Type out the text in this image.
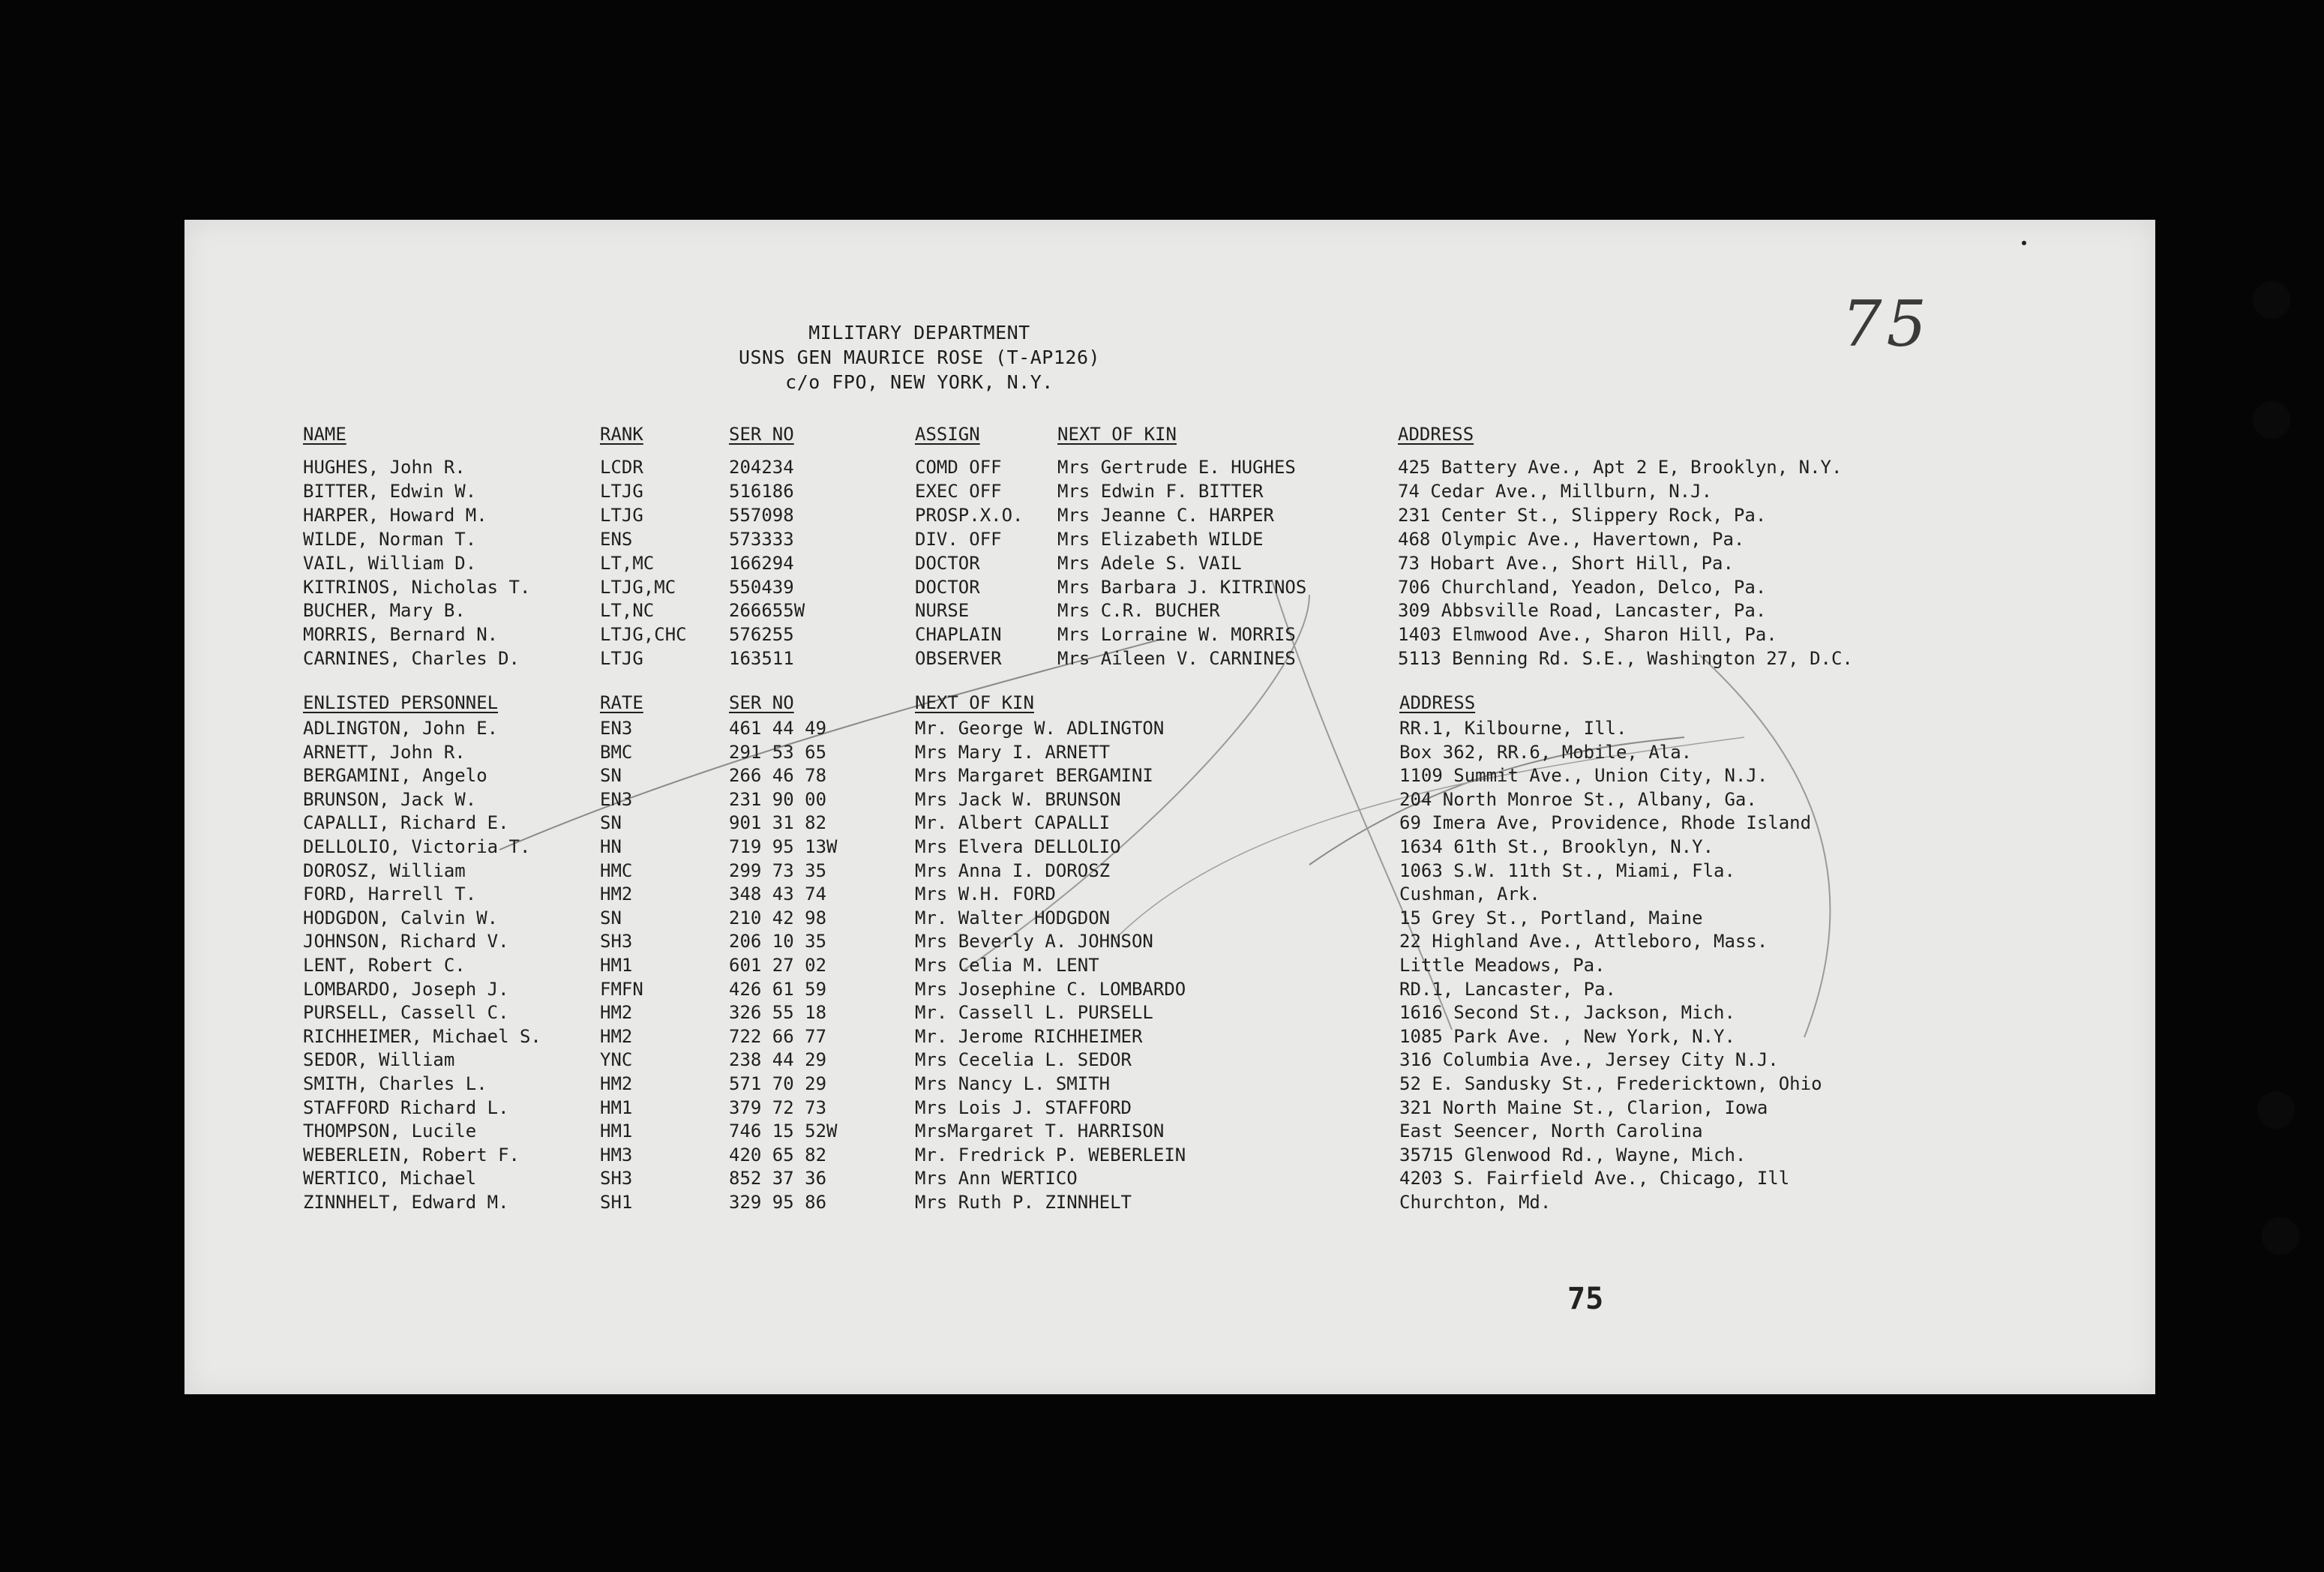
75
MILITARY DEPARTMENT
USNS GEN MAURICE ROSE (T-AP126)
c/o FPO, NEW YORK, N.Y.
NAME	RANK	SER NO	ASSIGN	NEXT OF KIN	ADDRESS
HUGHES, John R.	LCDR	204234	COMD OFF	Mrs Gertrude E. HUGHES	425 Battery Ave., Apt 2 E, Brooklyn, N.Y.
BITTER, Edwin W.	LTJG	516186	EXEC OFF	Mrs Edwin F. BITTER	74 Cedar Ave., Millburn, N.J.
HARPER, Howard M.	LTJG	557098	PROSP.X.O. Mrs Jeanne C. HARPER	231 Center St., Slippery Rock, Pa.
WILDE, Norman T.	ENS	573333	DIV. OFF	Mrs Elizabeth WILDE	468 Olympic Ave., Havertown, Pa.
VAIL, William D.	LT,MC	166294	DOCTOR	Mrs Adele S. VAIL	73 Hobart Ave., Short Hill, Pa.
KITRINOS, Nicholas T.	LTJG,MC	550439	DOCTOR	Mrs Barbara J. KITRINOS	706 Churchland, Yeadon, Delco, Pa.
BUCHER, Mary B.	LT,NC	266655W	NURSE	Mrs C.R. BUCHER	309 Abbsville Road, Lancaster, Pa.
MORRIS, Bernard N.	LTJG,CHC 576255	CHAPLAIN	Mrs Lorraine W. MORRIS	1403 Elmwood Ave., Sharon Hill, Pa.
CARNINES, Charles D.	LTJG	163511	OBSERVER	Mrs Aileen V. CARNINES	5113 Benning Rd. S.E., Washington 27, D.C.
ENLISTED PERSONNEL	RATE	SER NO	NEXT OF KIN	ADDRESS
ADLINGTON, John E.	EN3	461 44 49	Mr. George W. ADLINGTON	RR.1, Kilbourne, Ill.
ARNETT, John R.	BMC	291 53 65	Mrs Mary I. ARNETT	Box 362, RR.6, Mobile, Ala.
BERGAMINI, Angelo	SN	266 46 78	Mrs Margaret BERGAMINI	1109 Summit Ave., Union City, N.J.
BRUNSON, Jack W.	EN3	231 90 00	Mrs Jack W. BRUNSON	204 North Monroe St., Albany, Ga.
CAPALLI, Richard E.	SN	901 31 82	Mr. Albert CAPALLI	69 Imera Ave, Providence, Rhode Island
DELLOLIO, Victoria T.	HN	719 95 13W	Mrs Elvera DELLOLIO	1634 61th St., Brooklyn, N.Y.
DOROSZ, William	HMC	299 73 35	Mrs Anna I. DOROSZ	1063 S.W. 11th St., Miami, Fla.
FORD, Harrell T.	HM2	348 43 74	Mrs W.H. FORD	Cushman, Ark.
HODGDON, Calvin W.	SN	210 42 98	Mr. Walter HODGDON	15 Grey St., Portland, Maine
JOHNSON, Richard V.	SH3	206 10 35	Mrs Beverly A. JOHNSON	22 Highland Ave., Attleboro, Mass.
LENT, Robert C.	HM1	601 27 02	Mrs Celia M. LENT	Little Meadows, Pa.
LOMBARDO, Joseph J.	FMFN	426 61 59	Mrs Josephine C. LOMBARDO	RD.1, Lancaster, Pa.
PURSELL, Cassell C.	HM2	326 55 18	Mr. Cassell L. PURSELL	1616 Second St., Jackson, Mich.
RICHHEIMER, Michael S.	HM2	722 66 77	Mr. Jerome RICHHEIMER	1085 Park Ave. , New York, N.Y.
SEDOR, William	YNC	238 44 29	Mrs Cecelia L. SEDOR	316 Columbia Ave., Jersey City N.J.
SMITH, Charles L.	HM2	571 70 29	Mrs Nancy L. SMITH	52 E. Sandusky St., Fredericktown, Ohio
STAFFORD Richard L.	HM1	379 72 73	Mrs Lois J. STAFFORD	321 North Maine St., Clarion, Iowa
THOMPSON, Lucile	HM1	746 15 52W	MrsMargaret T. HARRISON	East Seencer, North Carolina
WEBERLEIN, Robert F.	HM3	420 65 82	Mr. Fredrick P. WEBERLEIN	35715 Glenwood Rd., Wayne, Mich.
WERTICO, Michael	SH3	852 37 36	Mrs Ann WERTICO	4203 S. Fairfield Ave., Chicago, Ill
ZINNHELT, Edward M.	SH1	329 95 86	Mrs Ruth P. ZINNHELT	Churchton, Md.
75
